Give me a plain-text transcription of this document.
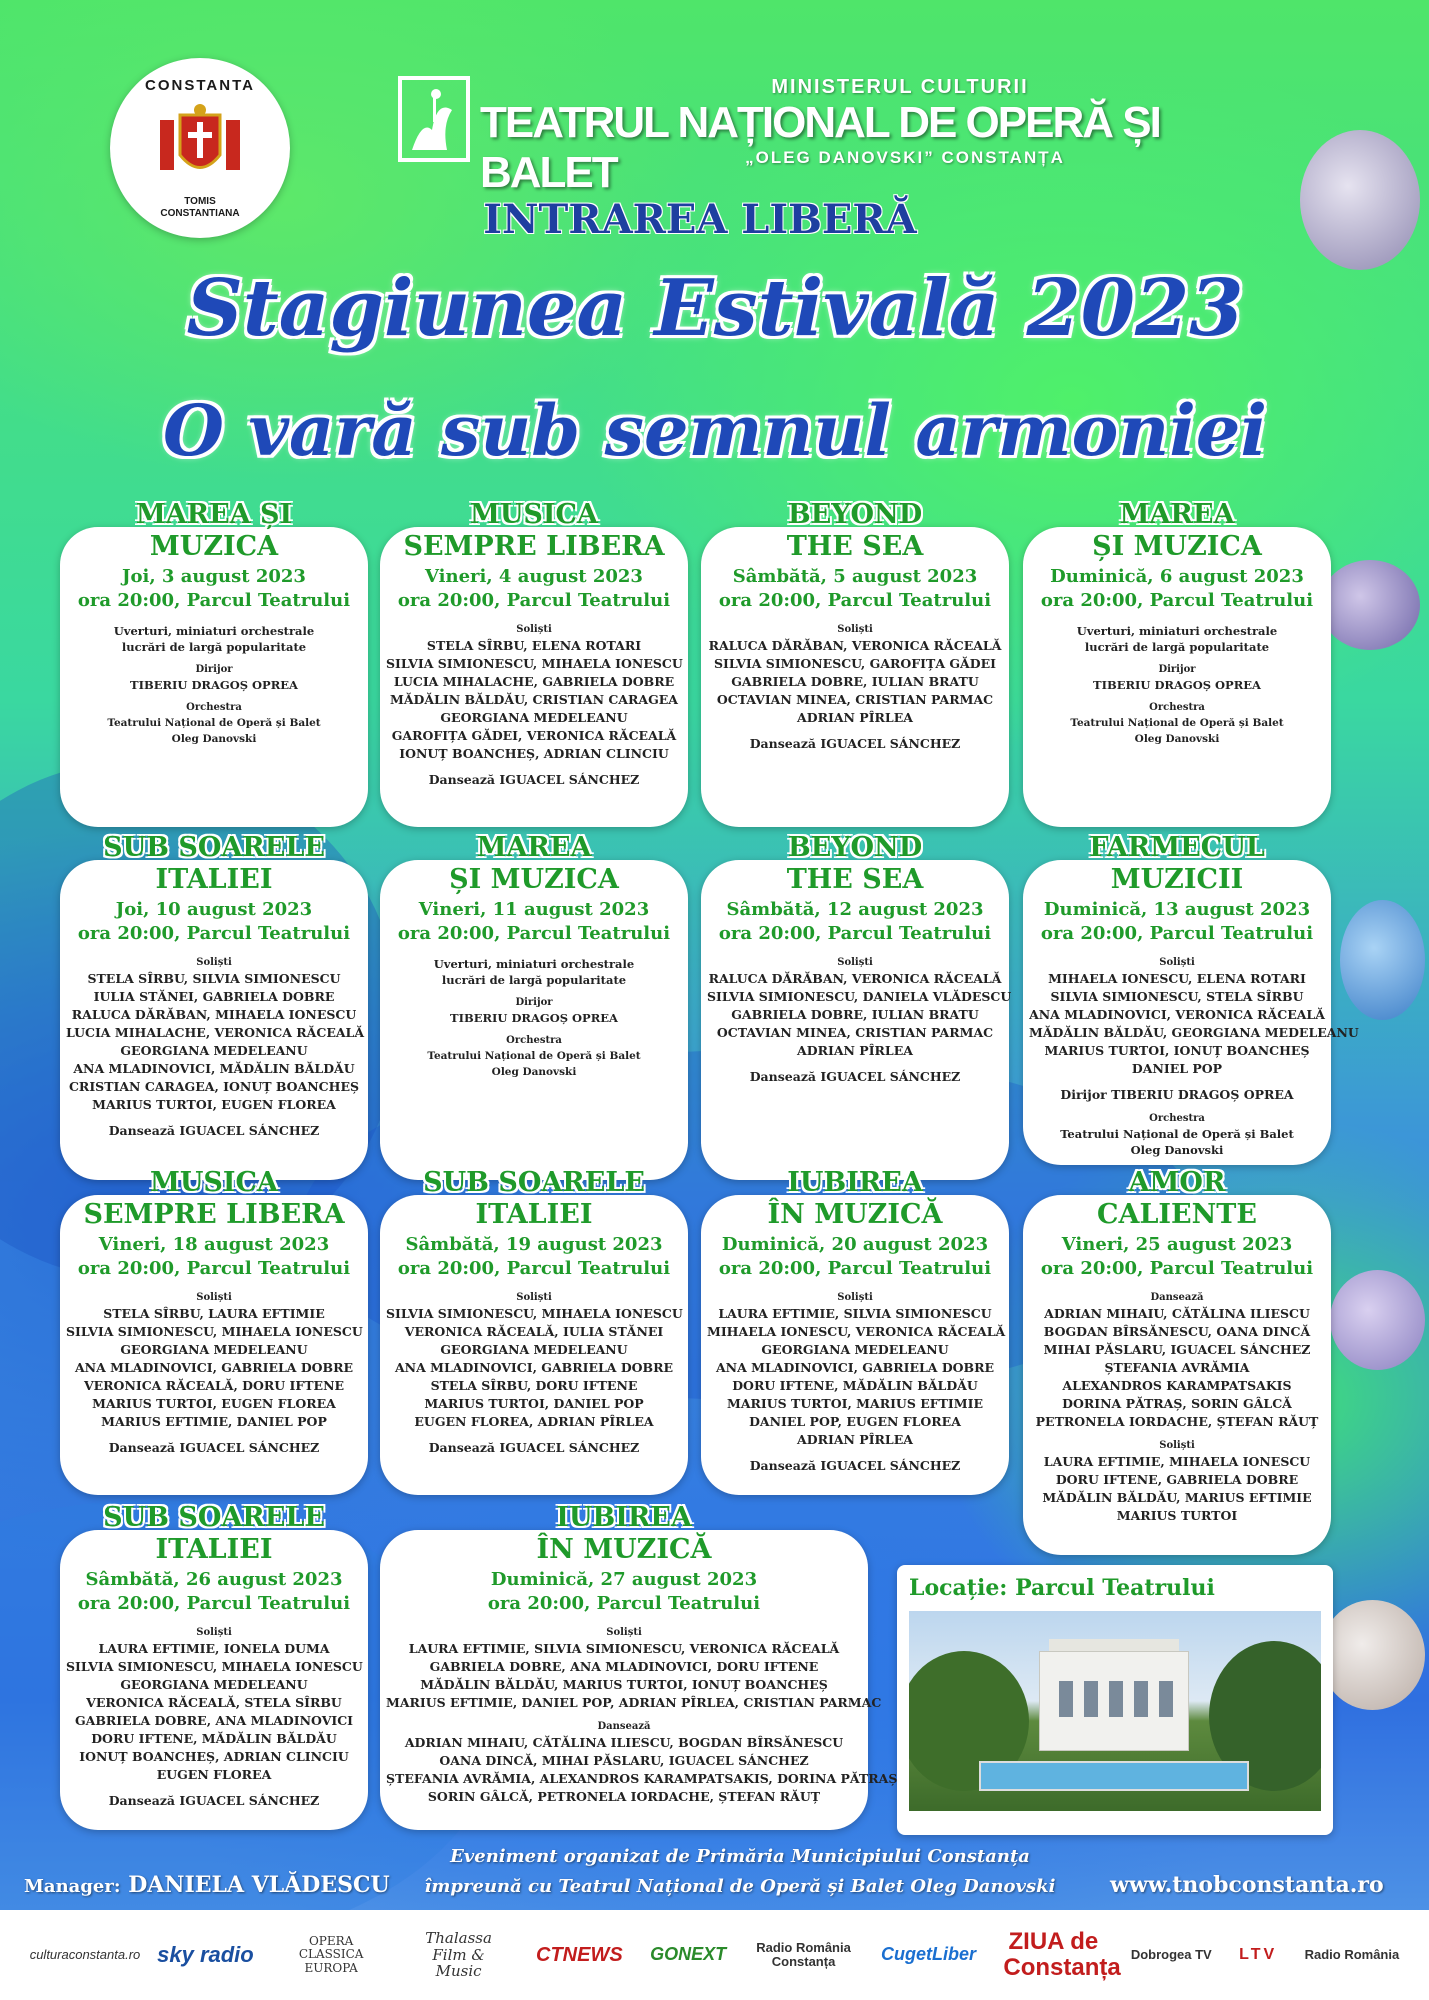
CONSTANTA
TOMIS
CONSTANTIANA
MINISTERUL CULTURII
TEATRUL NAȚIONAL DE OPERĂ ȘI BALET	„OLEG DANOVSKI” CONSTANȚA
INTRAREA LIBERĂ
Stagiunea Estivală 2023
O vară sub semnul armoniei
MAREA ȘI
MUZICA
Joi, 3 august 2023
ora 20:00, Parcul Teatrului
Uverturi, miniaturi orchestrale
lucrări de largă popularitate
Dirijor
TIBERIU DRAGOȘ OPREA
Orchestra
Teatrului Național de Operă și Balet
Oleg Danovski
MUSICA
SEMPRE LIBERA
Vineri, 4 august 2023
ora 20:00, Parcul Teatrului
Soliști
STELA SÎRBU, ELENA ROTARI
SILVIA SIMIONESCU, MIHAELA IONESCU
LUCIA MIHALACHE, GABRIELA DOBRE
MĂDĂLIN BĂLDĂU, CRISTIAN CARAGEA
GEORGIANA MEDELEANU
GAROFIȚA GĂDEI, VERONICA RĂCEALĂ
IONUȚ BOANCHEȘ, ADRIAN CLINCIU
Dansează IGUACEL SÁNCHEZ
BEYOND
THE SEA
Sâmbătă, 5 august 2023
ora 20:00, Parcul Teatrului
Soliști
RALUCA DĂRĂBAN, VERONICA RĂCEALĂ
SILVIA SIMIONESCU, GAROFIȚA GĂDEI
GABRIELA DOBRE, IULIAN BRATU
OCTAVIAN MINEA, CRISTIAN PARMAC
ADRIAN PÎRLEA
Dansează IGUACEL SÁNCHEZ
MAREA
ȘI MUZICA
Duminică, 6 august 2023
ora 20:00, Parcul Teatrului
Uverturi, miniaturi orchestrale
lucrări de largă popularitate
Dirijor
TIBERIU DRAGOȘ OPREA
Orchestra
Teatrului Național de Operă și Balet
Oleg Danovski
SUB SOARELE
ITALIEI
Joi, 10 august 2023
ora 20:00, Parcul Teatrului
Soliști
STELA SÎRBU, SILVIA SIMIONESCU
IULIA STĂNEI, GABRIELA DOBRE
RALUCA DĂRĂBAN, MIHAELA IONESCU
LUCIA MIHALACHE, VERONICA RĂCEALĂ
GEORGIANA MEDELEANU
ANA MLADINOVICI, MĂDĂLIN BĂLDĂU
CRISTIAN CARAGEA, IONUȚ BOANCHEȘ
MARIUS TURTOI, EUGEN FLOREA
Dansează IGUACEL SÁNCHEZ
MAREA
ȘI MUZICA
Vineri, 11 august 2023
ora 20:00, Parcul Teatrului
Uverturi, miniaturi orchestrale
lucrări de largă popularitate
Dirijor
TIBERIU DRAGOȘ OPREA
Orchestra
Teatrului Național de Operă și Balet
Oleg Danovski
BEYOND
THE SEA
Sâmbătă, 12 august 2023
ora 20:00, Parcul Teatrului
Soliști
RALUCA DĂRĂBAN, VERONICA RĂCEALĂ
SILVIA SIMIONESCU, DANIELA VLĂDESCU
GABRIELA DOBRE, IULIAN BRATU
OCTAVIAN MINEA, CRISTIAN PARMAC
ADRIAN PÎRLEA
Dansează IGUACEL SÁNCHEZ
FARMECUL
MUZICII
Duminică, 13 august 2023
ora 20:00, Parcul Teatrului
Soliști
MIHAELA IONESCU, ELENA ROTARI
SILVIA SIMIONESCU, STELA SÎRBU
ANA MLADINOVICI, VERONICA RĂCEALĂ
MĂDĂLIN BĂLDĂU, GEORGIANA MEDELEANU
MARIUS TURTOI, IONUȚ BOANCHEȘ
DANIEL POP
Dirijor TIBERIU DRAGOȘ OPREA
Orchestra
Teatrului Național de Operă și Balet
Oleg Danovski
MUSICA
SEMPRE LIBERA
Vineri, 18 august 2023
ora 20:00, Parcul Teatrului
Soliști
STELA SÎRBU, LAURA EFTIMIE
SILVIA SIMIONESCU, MIHAELA IONESCU
GEORGIANA MEDELEANU
ANA MLADINOVICI, GABRIELA DOBRE
VERONICA RĂCEALĂ, DORU IFTENE
MARIUS TURTOI, EUGEN FLOREA
MARIUS EFTIMIE, DANIEL POP
Dansează IGUACEL SÁNCHEZ
SUB SOARELE
ITALIEI
Sâmbătă, 19 august 2023
ora 20:00, Parcul Teatrului
Soliști
SILVIA SIMIONESCU, MIHAELA IONESCU
VERONICA RĂCEALĂ, IULIA STĂNEI
GEORGIANA MEDELEANU
ANA MLADINOVICI, GABRIELA DOBRE
STELA SÎRBU, DORU IFTENE
MARIUS TURTOI, DANIEL POP
EUGEN FLOREA, ADRIAN PÎRLEA
Dansează IGUACEL SÁNCHEZ
IUBIREA
ÎN MUZICĂ
Duminică, 20 august 2023
ora 20:00, Parcul Teatrului
Soliști
LAURA EFTIMIE, SILVIA SIMIONESCU
MIHAELA IONESCU, VERONICA RĂCEALĂ
GEORGIANA MEDELEANU
ANA MLADINOVICI, GABRIELA DOBRE
DORU IFTENE, MĂDĂLIN BĂLDĂU
MARIUS TURTOI, MARIUS EFTIMIE
DANIEL POP, EUGEN FLOREA
ADRIAN PÎRLEA
Dansează IGUACEL SÁNCHEZ
AMOR
CALIENTE
Vineri, 25 august 2023
ora 20:00, Parcul Teatrului
Dansează
ADRIAN MIHAIU, CĂTĂLINA ILIESCU
BOGDAN BÎRSĂNESCU, OANA DINCĂ
MIHAI PĂSLARU, IGUACEL SÁNCHEZ
ȘTEFANIA AVRĂMIA
ALEXANDROS KARAMPATSAKIS
DORINA PĂTRAȘ, SORIN GÂLCĂ
PETRONELA IORDACHE, ȘTEFAN RĂUȚ
Soliști
LAURA EFTIMIE, MIHAELA IONESCU
DORU IFTENE, GABRIELA DOBRE
MĂDĂLIN BĂLDĂU, MARIUS EFTIMIE
MARIUS TURTOI
SUB SOARELE
ITALIEI
Sâmbătă, 26 august 2023
ora 20:00, Parcul Teatrului
Soliști
LAURA EFTIMIE, IONELA DUMA
SILVIA SIMIONESCU, MIHAELA IONESCU
GEORGIANA MEDELEANU
VERONICA RĂCEALĂ, STELA SÎRBU
GABRIELA DOBRE, ANA MLADINOVICI
DORU IFTENE, MĂDĂLIN BĂLDĂU
IONUȚ BOANCHEȘ, ADRIAN CLINCIU
EUGEN FLOREA
Dansează IGUACEL SÁNCHEZ
IUBIREA
ÎN MUZICĂ
Duminică, 27 august 2023
ora 20:00, Parcul Teatrului
Soliști
LAURA EFTIMIE, SILVIA SIMIONESCU, VERONICA RĂCEALĂ
GABRIELA DOBRE, ANA MLADINOVICI, DORU IFTENE
MĂDĂLIN BĂLDĂU, MARIUS TURTOI, IONUȚ BOANCHEȘ
MARIUS EFTIMIE, DANIEL POP, ADRIAN PÎRLEA, CRISTIAN PARMAC
Dansează
ADRIAN MIHAIU, CĂTĂLINA ILIESCU, BOGDAN BÎRSĂNESCU
OANA DINCĂ, MIHAI PĂSLARU, IGUACEL SÁNCHEZ
ȘTEFANIA AVRĂMIA, ALEXANDROS KARAMPATSAKIS, DORINA PĂTRAȘ
SORIN GÂLCĂ, PETRONELA IORDACHE, ȘTEFAN RĂUȚ
Locație: Parcul Teatrului
Eveniment organizat de Primăria Municipiului Constanța
împreună cu Teatrul Național de Operă și Balet Oleg Danovski
Manager: DANIELA VLĂDESCU	www.tnobconstanta.ro
culturaconstanta.ro sky radio
OPERA CLASSICA EUROPA
Thalassa Film & Music
CTNEWS GONEXT Radio România Constanța	CugetLiber ZIUA de Constanța Dobrogea TV LTV Radio România
